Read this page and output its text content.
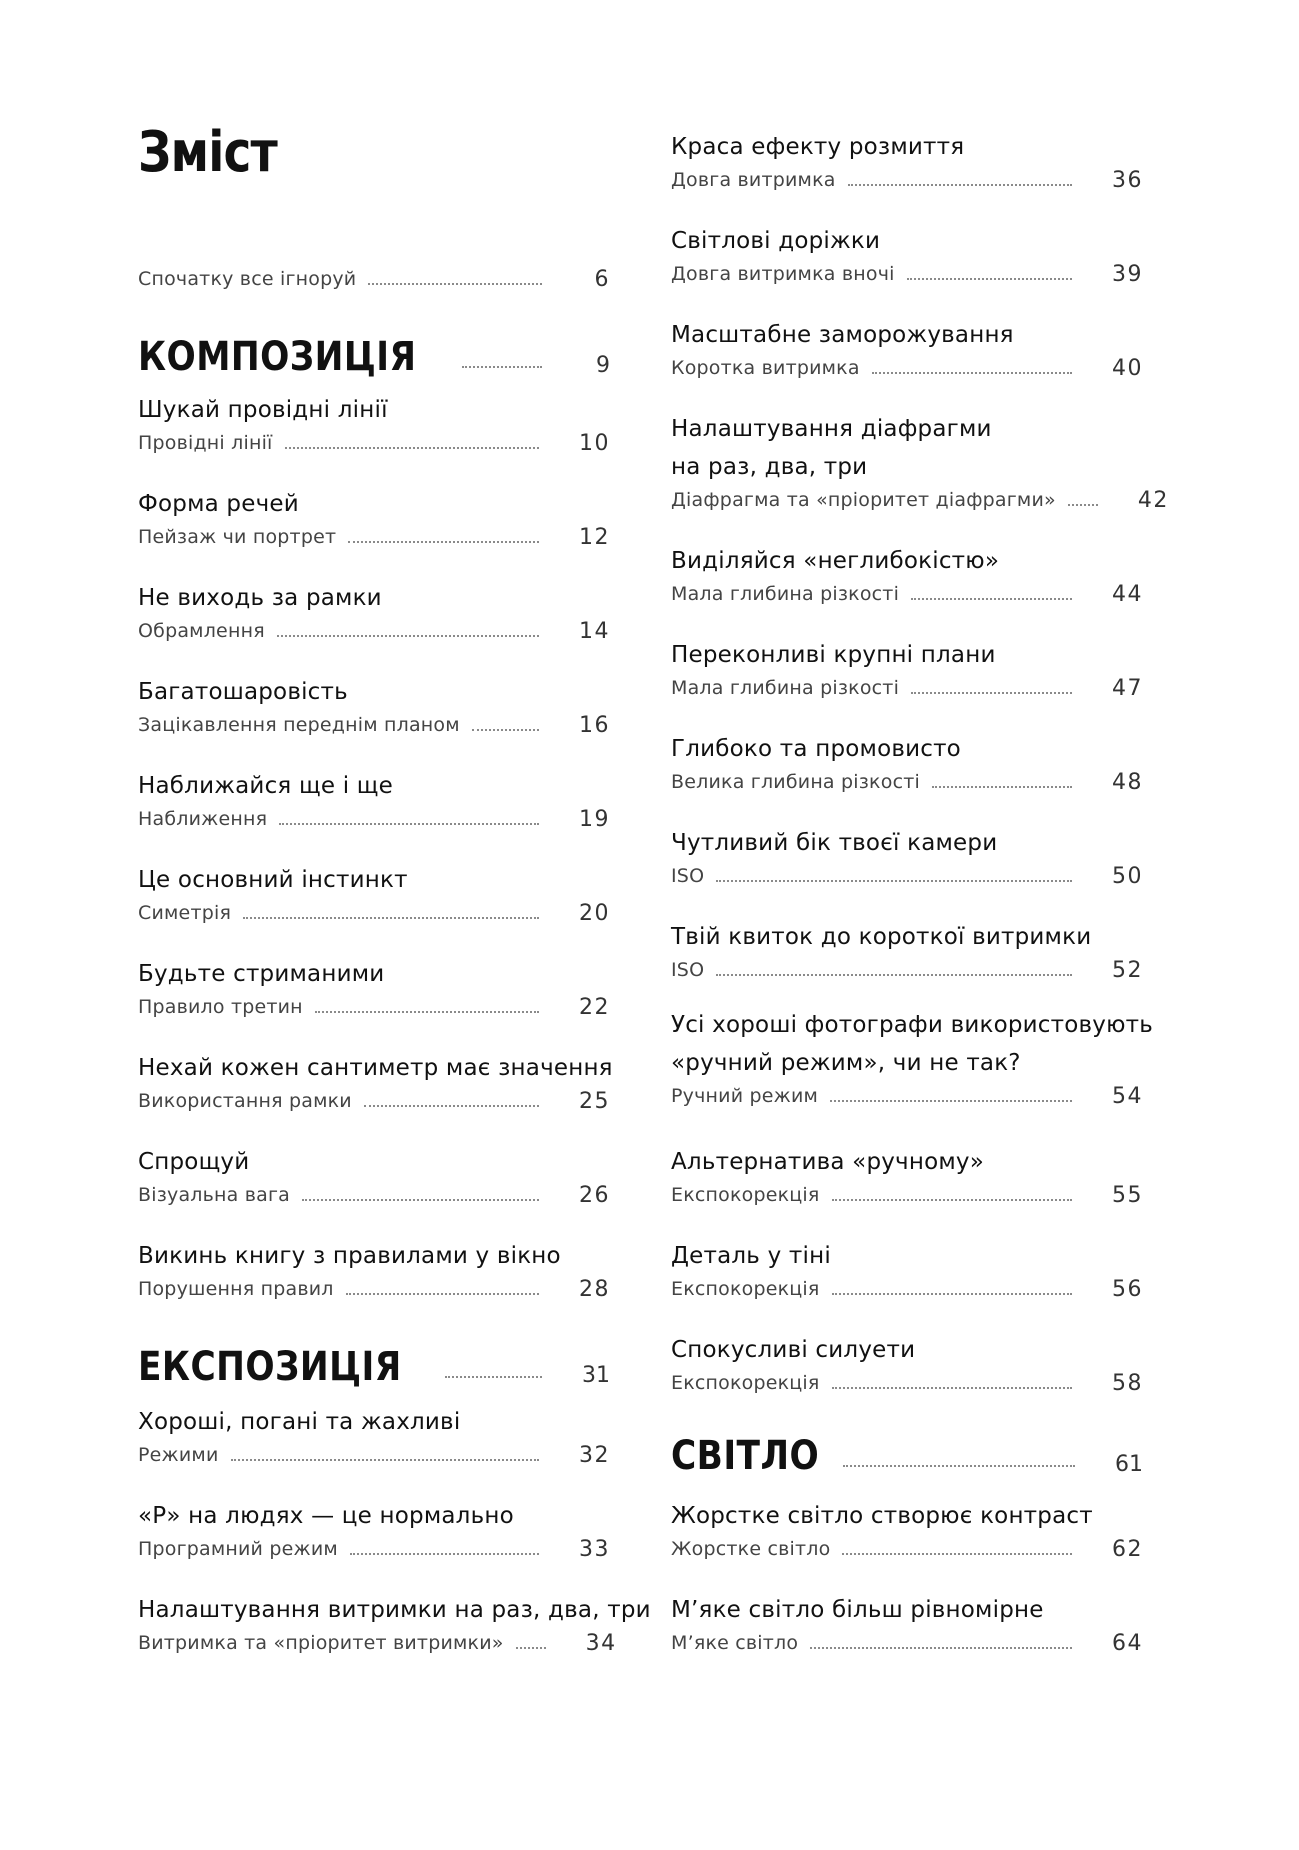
Зміст
Спочатку все ігноруй	6
КОМПОЗИЦІЯ	9
Шукай провідні лінії
Провідні лінії	10
Форма речей
Пейзаж чи портрет	12
Не виходь за рамки
Обрамлення	14
Багатошаровість
Зацікавлення переднім планом	16
Наближайся ще і ще
Наближення	19
Це основний інстинкт
Симетрія	20
Будьте стриманими
Правило третин	22
Нехай кожен сантиметр має значення
Використання рамки	25
Спрощуй
Візуальна вага	26
Викинь книгу з правилами у вікно
Порушення правил	28
ЕКСПОЗИЦІЯ	31
Хороші, погані та жахливі
Режими	32
«P» на людях — це нормально
Програмний режим	33
Налаштування витримки на раз, два, три
Витримка та «пріоритет витримки»	34
Краса ефекту розмиття
Довга витримка	36
Світлові доріжки
Довга витримка вночі	39
Масштабне заморожування
Коротка витримка	40
Налаштування діафрагми
на раз, два, три
Діафрагма та «пріоритет діафрагми»	42
Виділяйся «неглибокістю»
Мала глибина різкості	44
Переконливі крупні плани
Мала глибина різкості	47
Глибоко та промовисто
Велика глибина різкості	48
Чутливий бік твоєї камери
ISO	50
Твій квиток до короткої витримки
ISO	52
Усі хороші фотографи використовують
«ручний режим», чи не так?
Ручний режим	54
Альтернатива «ручному»
Експокорекція	55
Деталь у тіні
Експокорекція	56
Спокусливі силуети
Експокорекція	58
СВІТЛО	61
Жорстке світло створює контраст
Жорстке світло	62
М’яке світло більш рівномірне
М’яке світло	64
